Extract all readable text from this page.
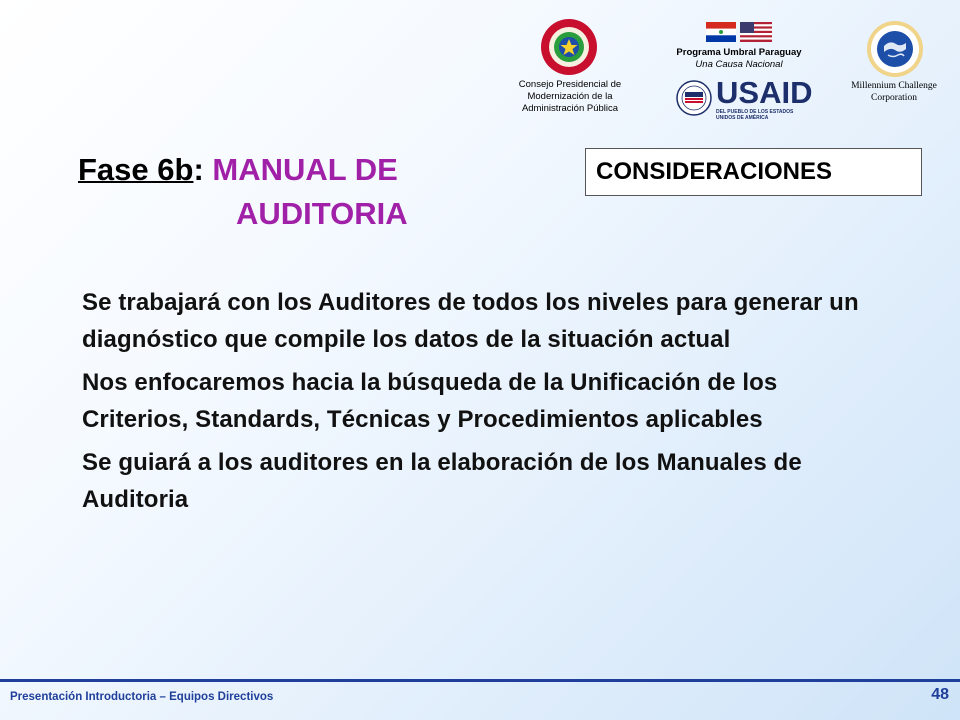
Consejo Presidencial de Modernización de la Administración Pública
Programa Umbral Paraguay
Una Causa Nacional
USAID
DEL PUEBLO DE LOS ESTADOS UNIDOS DE AMÉRICA
Millennium Challenge Corporation
Fase 6b: MANUAL DE
AUDITORIA
CONSIDERACIONES

Se trabajará con los Auditores de todos los niveles para generar un diagnóstico que compile los datos de la situación actual

Nos enfocaremos hacia la búsqueda de la Unificación de los Criterios, Standards, Técnicas y Procedimientos aplicables

Se guiará a los auditores en la elaboración de los Manuales de Auditoria

Presentación Introductoria – Equipos Directivos	48
